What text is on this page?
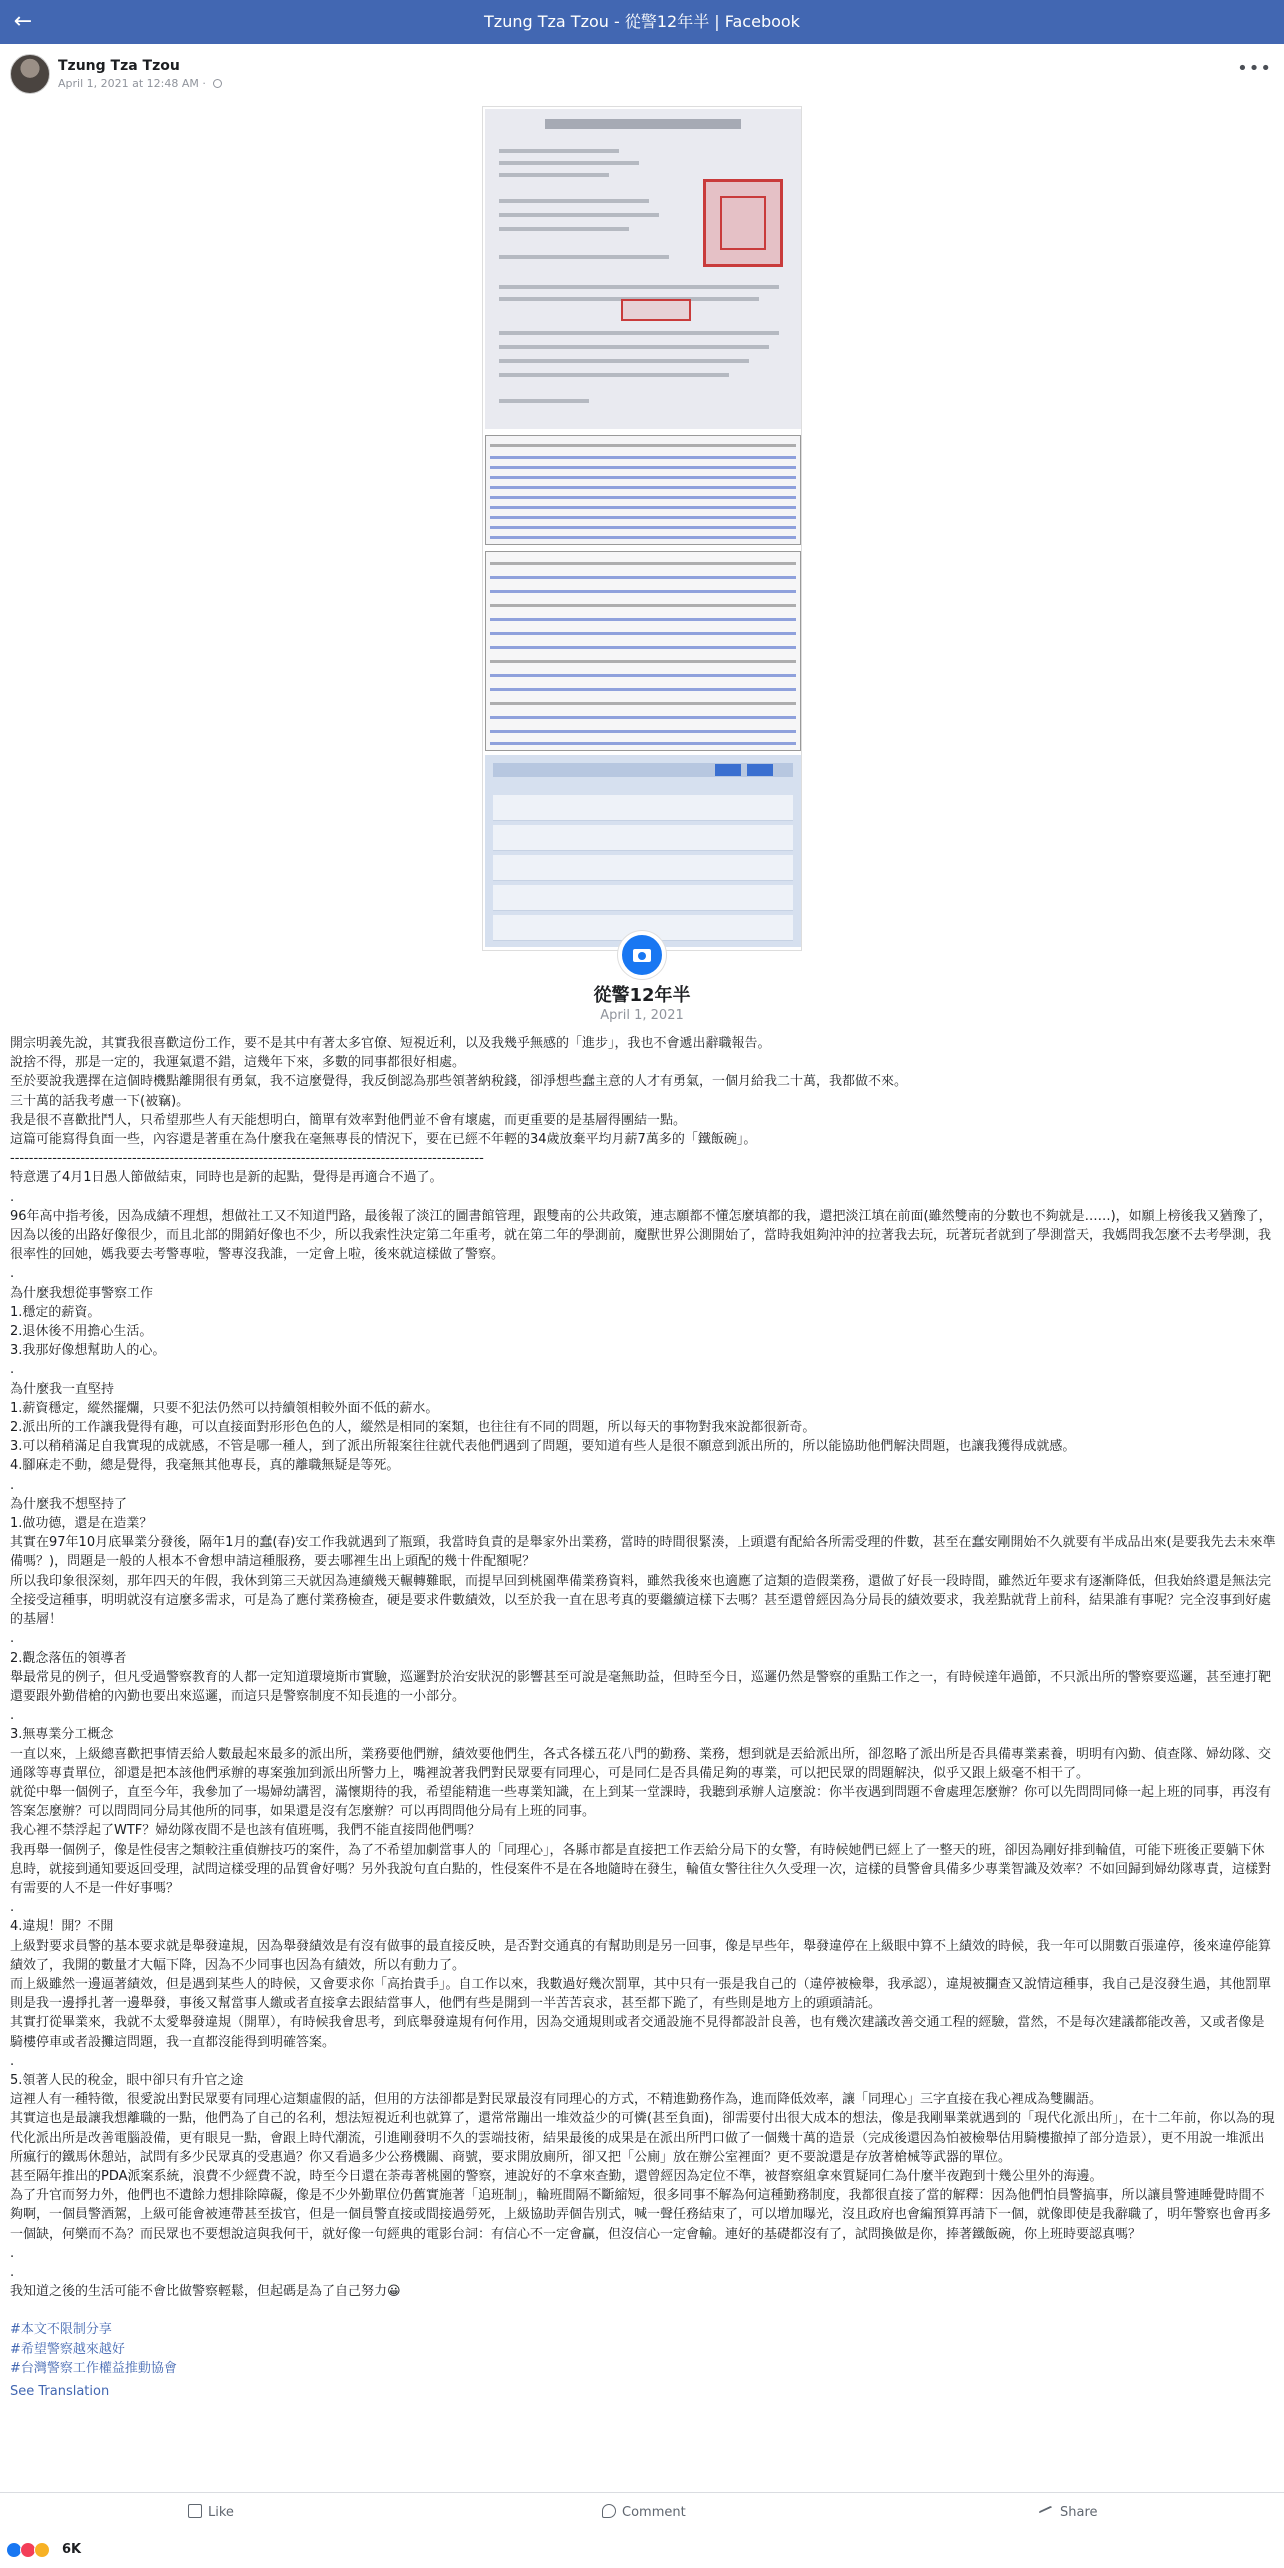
←	Tzung Tza Tzou - 從警12年半 | Facebook
Tzung Tza Tzou
April 1, 2021 at 12:48 AM ·
•••
從警12年半
April 1, 2021

開宗明義先說，其實我很喜歡這份工作，要不是其中有著太多官僚、短視近利，以及我幾乎無感的「進步」，我也不會遞出辭職報告。
說捨不得，那是一定的，我運氣還不錯，這幾年下來，多數的同事都很好相處。
至於要說我選擇在這個時機點離開很有勇氣，我不這麼覺得，我反倒認為那些領著納稅錢，卻淨想些蠢主意的人才有勇氣，一個月給我二十萬，我都做不來。
三十萬的話我考慮一下(被竊)。
我是很不喜歡批鬥人，只希望那些人有天能想明白，簡單有效率對他們並不會有壞處，而更重要的是基層得團結一點。
這篇可能寫得負面一些，內容還是著重在為什麼我在毫無專長的情況下，要在已經不年輕的34歲放棄平均月薪7萬多的「鐵飯碗」。
-----------------------------------------------------------------------------------------------------
特意選了4月1日愚人節做結束，同時也是新的起點，覺得是再適合不過了。

.
96年高中指考後，因為成績不理想，想做社工又不知道門路，最後報了淡江的圖書館管理，跟雙南的公共政策，連志願都不懂怎麼填都的我，還把淡江填在前面(雖然雙南的分數也不夠就是……)，如願上榜後我又猶豫了，因為以後的出路好像很少，而且北部的開銷好像也不少，所以我索性決定第二年重考，就在第二年的學測前，魔獸世界公測開始了，當時我姐夠沖沖的拉著我去玩，玩著玩者就到了學測當天，我媽問我怎麼不去考學測，我很率性的回她，媽我要去考警專啦，警專沒我誰，一定會上啦，後來就這樣做了警察。

.
為什麼我想從事警察工作
1.穩定的薪資。
2.退休後不用擔心生活。
3.我那好像想幫助人的心。

.
為什麼我一直堅持
1.薪資穩定，縱然擺爛，只要不犯法仍然可以持續領相較外面不低的薪水。
2.派出所的工作讓我覺得有趣，可以直接面對形形色色的人，縱然是相同的案類，也往往有不同的問題，所以每天的事物對我來說都很新奇。
3.可以稍稍滿足自我實現的成就感，不管是哪一種人，到了派出所報案往往就代表他們遇到了問題，要知道有些人是很不願意到派出所的，所以能協助他們解決問題，也讓我獲得成就感。
4.腳麻走不動，總是覺得，我毫無其他專長，真的離職無疑是等死。

.
為什麼我不想堅持了
1.做功德，還是在造業？
其實在97年10月底畢業分發後，隔年1月的蠢(春)安工作我就遇到了瓶頸，我當時負責的是舉家外出業務，當時的時間很緊湊，上頭還有配給各所需受理的件數，甚至在蠢安剛開始不久就要有半成品出來(是要我先去未來準備嗎？)，問題是一般的人根本不會想申請這種服務，要去哪裡生出上頭配的幾十件配額呢？
所以我印象很深刻，那年四天的年假，我休到第三天就因為連續幾天輾轉難眠，而提早回到桃園準備業務資料，雖然我後來也適應了這類的造假業務，還做了好長一段時間，雖然近年要求有逐漸降低，但我始終還是無法完全接受這種事，明明就沒有這麼多需求，可是為了應付業務檢查，硬是要求件數績效，以至於我一直在思考真的要繼續這樣下去嗎？甚至還曾經因為分局長的績效要求，我差點就背上前科，結果誰有事呢？完全沒事到好處的基層！
.
2.觀念落伍的領導者
舉最常見的例子，但凡受過警察教育的人都一定知道環境斯市實驗，巡邏對於治安狀況的影響甚至可說是毫無助益，但時至今日，巡邏仍然是警察的重點工作之一，有時候達年過節，不只派出所的警察要巡邏，甚至連打靶還要跟外勤借槍的內勤也要出來巡邏，而這只是警察制度不知長進的一小部分。

.
3.無專業分工概念
一直以來，上級總喜歡把事情丟給人數最起來最多的派出所，業務要他們辦，績效要他們生，各式各樣五花八門的勤務、業務，想到就是丟給派出所，卻忽略了派出所是否具備專業素養，明明有內勤、偵查隊、婦幼隊、交通隊等專責單位，卻還是把本該他們承辦的專案強加到派出所警力上，嘴裡說著我們對民眾要有同理心，可是同仁是否具備足夠的專業，可以把民眾的問題解決，似乎又跟上級毫不相干了。
就從中舉一個例子，直至今年，我參加了一場婦幼講習，滿懷期待的我，希望能精進一些專業知識，在上到某一堂課時，我聽到承辦人這麼說：你半夜遇到問題不會處理怎麼辦？你可以先問問同條一起上班的同事，再沒有答案怎麼辦？可以問問同分局其他所的同事，如果還是沒有怎麼辦？可以再問問他分局有上班的同事。
我心裡不禁浮起了WTF？婦幼隊夜間不是也該有值班嗎，我們不能直接問他們嗎？
我再舉一個例子，像是性侵害之類較注重偵辦技巧的案件，為了不希望加劇當事人的「同理心」，各縣市都是直接把工作丟給分局下的女警，有時候她們已經上了一整天的班，卻因為剛好排到輪值，可能下班後正要躺下休息時，就接到通知要返回受理，試問這樣受理的品質會好嗎？另外我說句直白點的，性侵案件不是在各地隨時在發生，輪值女警往往久久受理一次，這樣的員警會具備多少專業智識及效率？不如回歸到婦幼隊專責，這樣對有需要的人不是一件好事嗎？

.
4.違規！開？不開
上級對要求員警的基本要求就是舉發違規，因為舉發績效是有沒有做事的最直接反映，是否對交通真的有幫助則是另一回事，像是早些年，舉發違停在上級眼中算不上績效的時候，我一年可以開數百張違停，後來違停能算績效了，我開的數量才大幅下降，因為不少同事也因為有績效，所以有動力了。
而上級雖然一邊逼著績效，但是遇到某些人的時候，又會要求你「高抬貴手」。自工作以來，我數過好幾次罰單，其中只有一張是我自己的（違停被檢舉，我承認），違規被攔查又說情這種事，我自己是沒發生過，其他罰單則是我一邊掙扎著一邊舉發，事後又幫當事人繳或者直接拿去跟結當事人，他們有些是開到一半苦苦哀求，甚至都下跪了，有些則是地方上的頭頭請託。
其實打從畢業來，我就不太愛舉發違規（開單），有時候我會思考，到底舉發違規有何作用，因為交通規則或者交通設施不見得都設計良善，也有幾次建議改善交通工程的經驗，當然，不是每次建議都能改善，又或者像是騎樓停車或者設攤這問題，我一直都沒能得到明確答案。

.
5.領著人民的稅金，眼中卻只有升官之途
這裡人有一種特徵，很愛說出對民眾要有同理心這類虛假的話，但用的方法卻都是對民眾最沒有同理心的方式，不精進勤務作為，進而降低效率，讓「同理心」三字直接在我心裡成為雙關語。
其實這也是最讓我想離職的一點，他們為了自己的名利，想法短視近利也就算了，還常常蹦出一堆效益少的可憐(甚至負面)，卻需要付出很大成本的想法，像是我剛畢業就遇到的「現代化派出所」，在十二年前，你以為的現代化派出所是改善電腦設備，更有眼見一點，會跟上時代潮流，引進剛發明不久的雲端技術，結果最後的成果是在派出所門口做了一個幾十萬的造景（完成後還因為怕被檢舉估用騎樓撤掉了部分造景），更不用說一堆派出所瘋行的鐵馬休憩站，試問有多少民眾真的受惠過？你又看過多少公務機關、商號，要求開放廁所，卻又把「公廁」放在辦公室裡面？更不要說還是存放著槍械等武器的單位。
甚至隔年推出的PDA派案系統，浪費不少經費不說，時至今日還在荼毒著桃園的警察，連說好的不拿來查勤，還曾經因為定位不準，被督察組拿來質疑同仁為什麼半夜跑到十幾公里外的海邊。
為了升官而努力外，他們也不遺餘力想排除障礙，像是不少外勤單位仍舊實施著「追班制」，輪班間隔不斷縮短，很多同事不解為何這種勤務制度，我都很直接了當的解釋：因為他們怕員警搞事，所以讓員警連睡覺時間不夠啊，一個員警酒駕，上級可能會被連帶甚至拔官，但是一個員警直接或間接過勞死，上級協助弄個告別式，喊一聲任務結束了，可以增加曝光，沒且政府也會編預算再請下一個，就像即使是我辭職了，明年警察也會再多一個缺，何樂而不為？而民眾也不要想說這與我何干，就好像一句經典的電影台詞：有信心不一定會贏，但沒信心一定會輸。連好的基礎都沒有了，試問換做是你，捧著鐵飯碗，你上班時要認真嗎？

.
.
我知道之後的生活可能不會比做警察輕鬆，但起碼是為了自己努力😀

#本文不限制分享
#希望警察越來越好
#台灣警察工作權益推動協會
See Translation
Like	Comment	Share
6K
